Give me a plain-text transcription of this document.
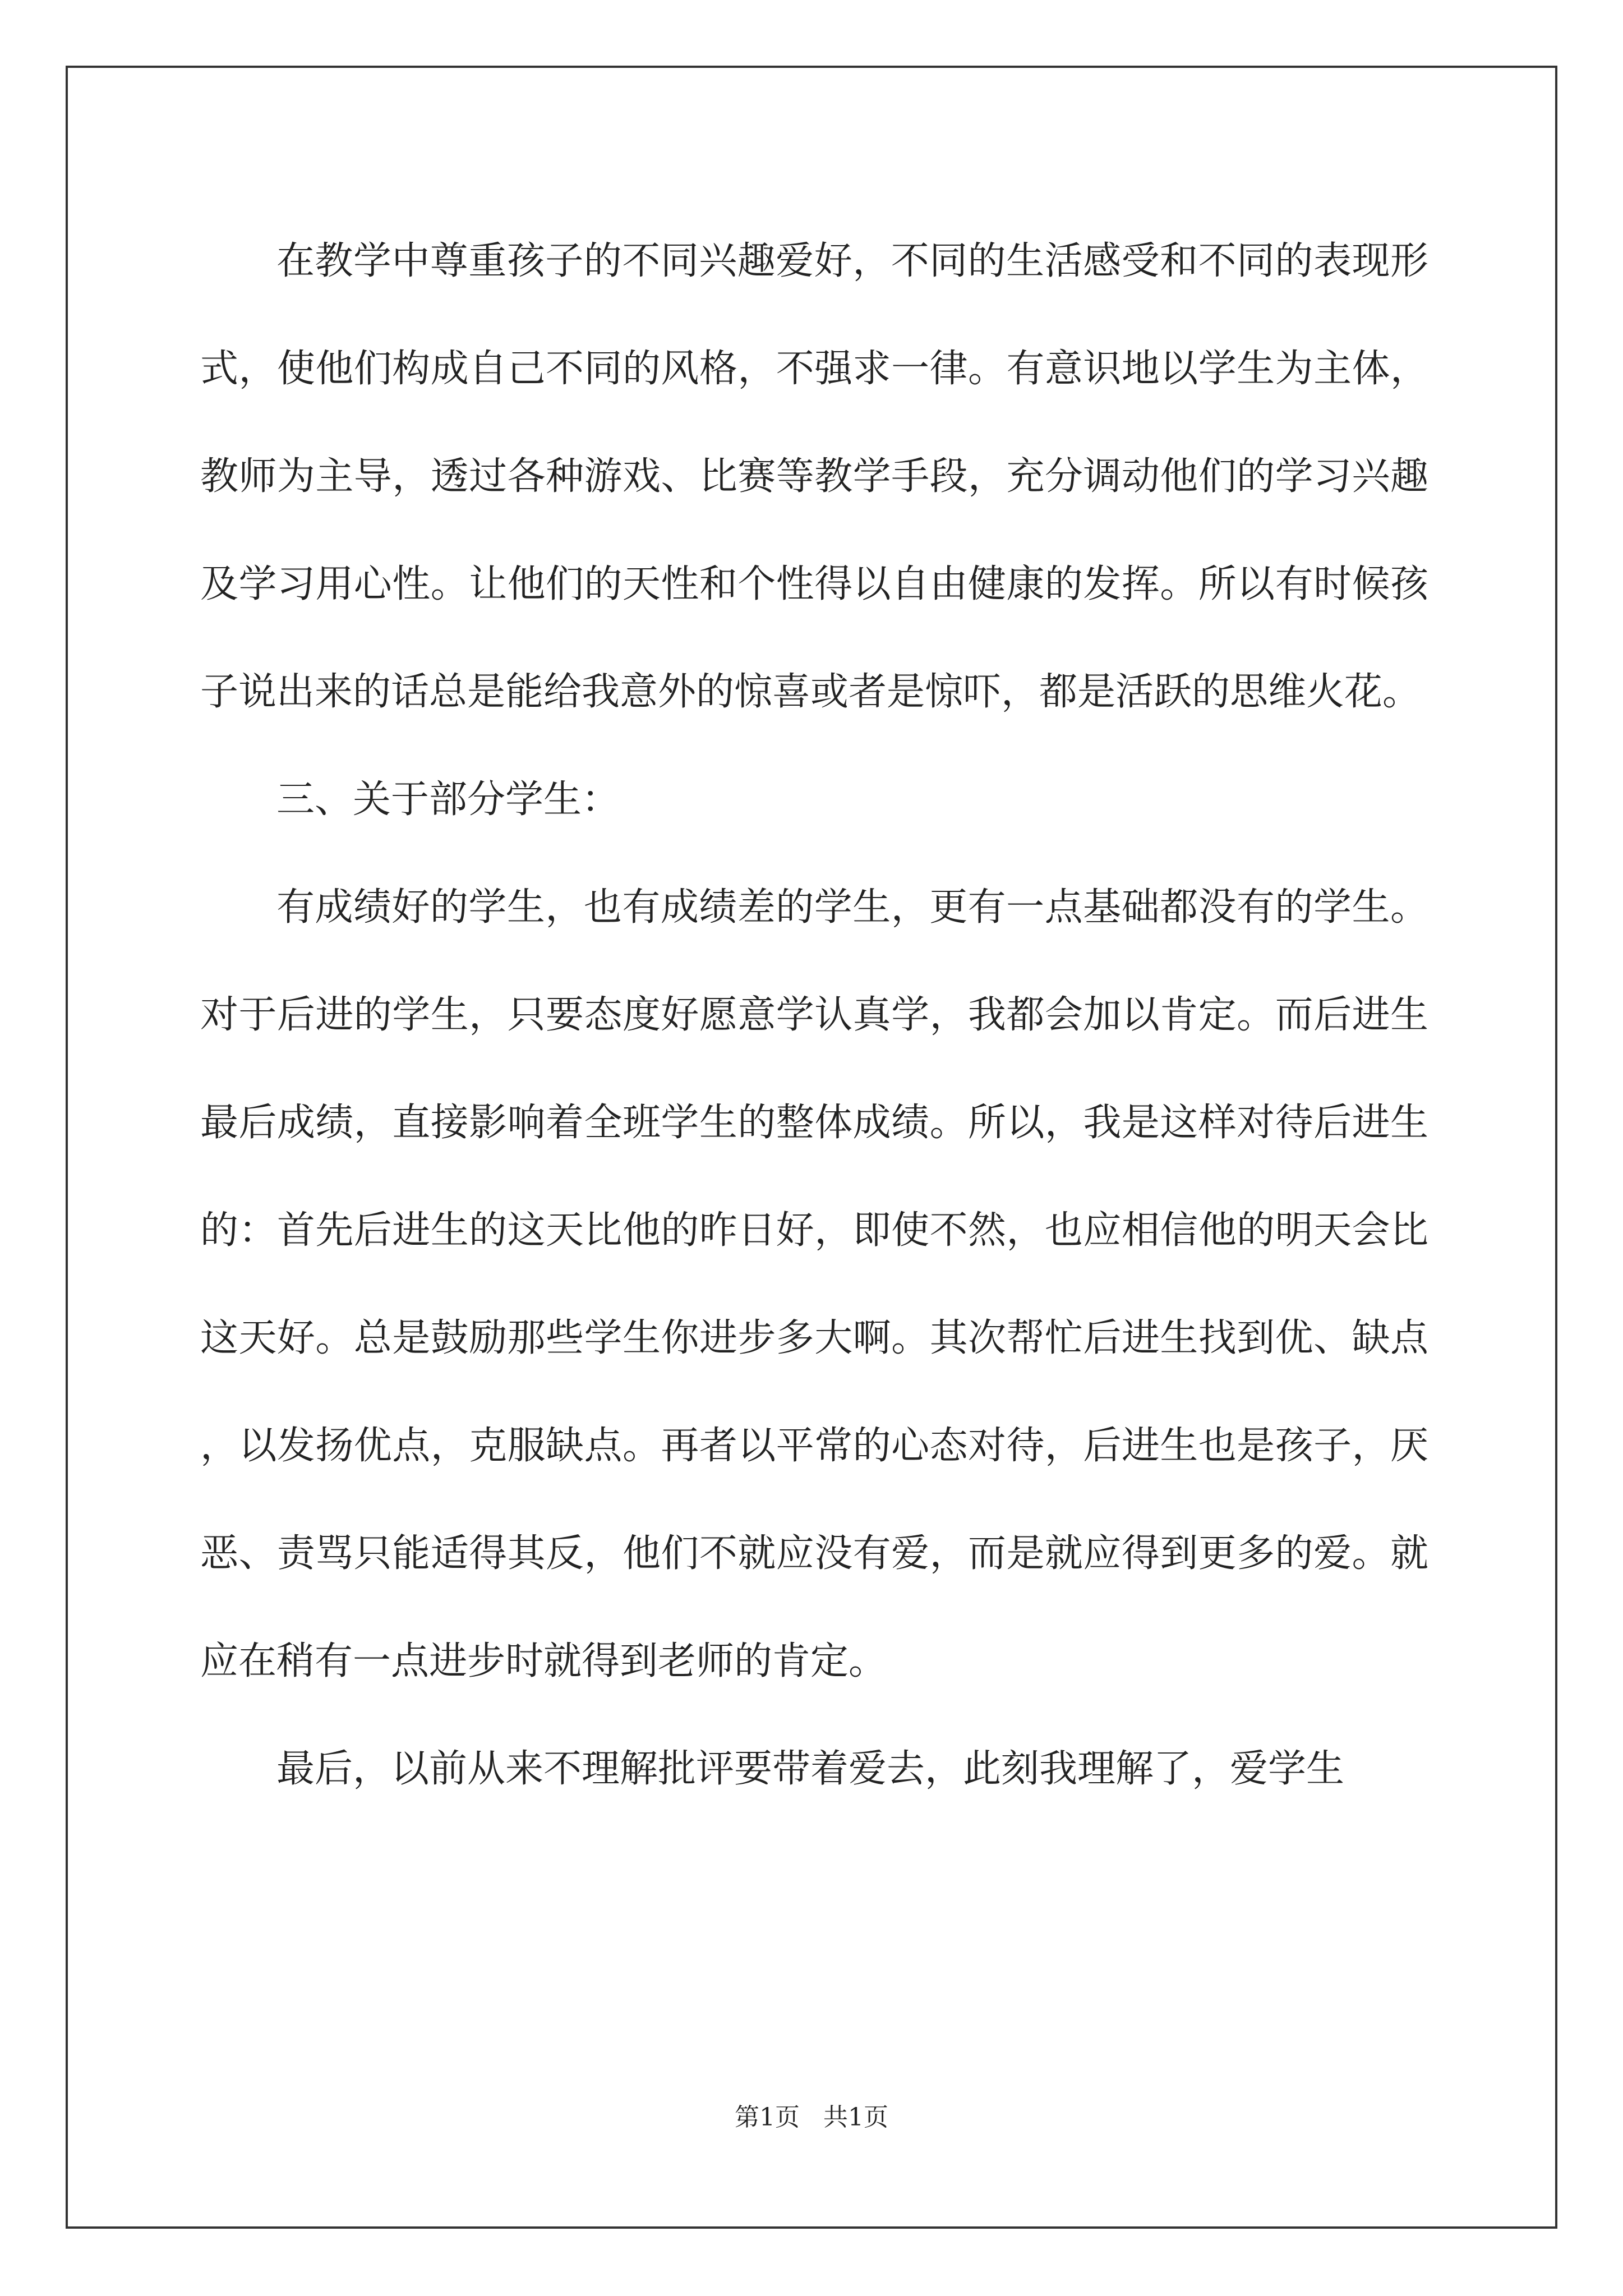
在教学中尊重孩子的不同兴趣爱好，不同的生活感受和不同的表现形式，使他们构成自己不同的风格，不强求一律。有意识地以学生为主体，教师为主导，透过各种游戏、比赛等教学手段，充分调动他们的学习兴趣及学习用心性。让他们的天性和个性得以自由健康的发挥。所以有时候孩子说出来的话总是能给我意外的惊喜或者是惊吓，都是活跃的思维火花。

三、关于部分学生：

有成绩好的学生，也有成绩差的学生，更有一点基础都没有的学生。对于后进的学生，只要态度好愿意学认真学，我都会加以肯定。而后进生最后成绩，直接影响着全班学生的整体成绩。所以，我是这样对待后进生的：首先后进生的这天比他的昨日好，即使不然，也应相信他的明天会比这天好。总是鼓励那些学生你进步多大啊。其次帮忙后进生找到优、缺点，以发扬优点，克服缺点。再者以平常的心态对待，后进生也是孩子，厌恶、责骂只能适得其反，他们不就应没有爱，而是就应得到更多的爱。就应在稍有一点进步时就得到老师的肯定。

最后，以前从来不理解批评要带着爱去，此刻我理解了，爱学生

第1页   共1页
